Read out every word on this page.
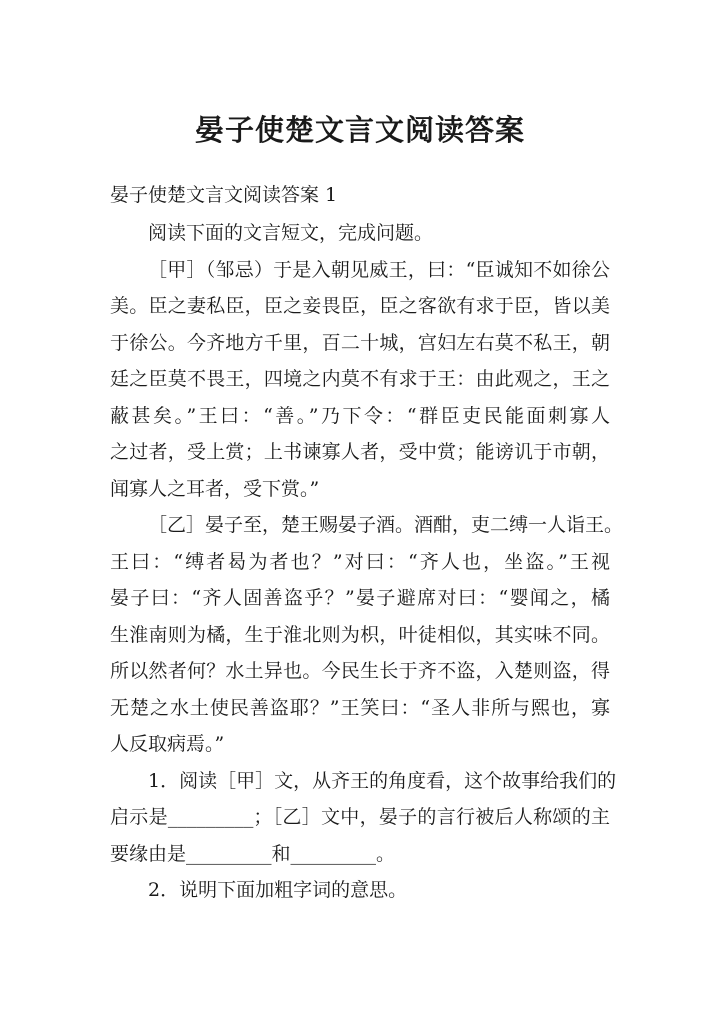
晏子使楚文言文阅读答案
晏子使楚文言文阅读答案 1
阅读下面的文言短文，完成问题。
［甲］（邹忌）于是入朝见威王，曰：“臣诚知不如徐公
美。臣之妻私臣，臣之妾畏臣，臣之客欲有求于臣，皆以美
于徐公。今齐地方千里，百二十城，宫妇左右莫不私王，朝
廷之臣莫不畏王，四境之内莫不有求于王：由此观之，王之
蔽甚矣。”王曰：“善。”乃下令：“群臣吏民能面刺寡人
之过者，受上赏；上书谏寡人者，受中赏；能谤讥于市朝，
闻寡人之耳者，受下赏。”
［乙］晏子至，楚王赐晏子酒。酒酣，吏二缚一人诣王。
王曰：“缚者曷为者也？”对曰：“齐人也，坐盗。”王视
晏子曰：“齐人固善盗乎？”晏子避席对曰：“婴闻之，橘
生淮南则为橘，生于淮北则为枳，叶徒相似，其实味不同。
所以然者何？水土异也。今民生长于齐不盗，入楚则盗，得
无楚之水土使民善盗耶？”王笑曰：“圣人非所与熙也，寡
人反取病焉。”
1．阅读［甲］文，从齐王的角度看，这个故事给我们的
启示是_________；［乙］文中，晏子的言行被后人称颂的主
要缘由是_________和_________。
2．说明下面加粗字词的意思。
